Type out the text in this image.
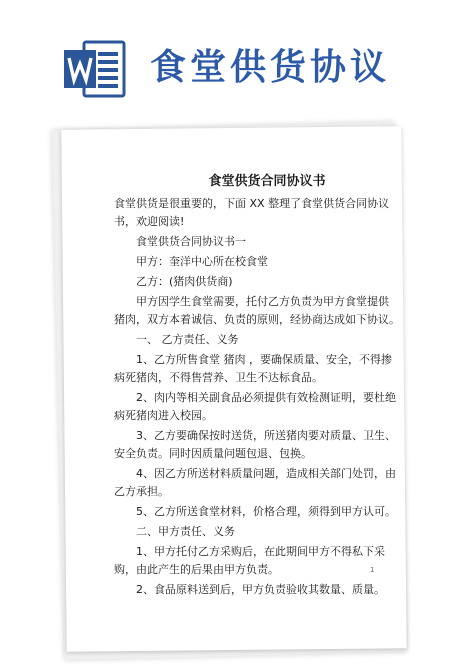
食堂供货协议
食堂供货合同协议书

食堂供货是很重要的，下面 XX 整理了食堂供货合同协议书，欢迎阅读!

食堂供货合同协议书一

甲方：奎洋中心所在校食堂

乙方：(猪肉供货商)

甲方因学生食堂需要，托付乙方负责为甲方食堂提供 猪肉，双方本着诚信、负责的原则，经协商达成如下协议。

一、 乙方责任、义务

1、乙方所售食堂 猪肉 ，要确保质量、安全，不得掺病死猪肉，不得售营养、卫生不达标食品。

2、肉内等相关副食品必须提供有效检测证明，要杜绝病死猪肉进入校园。

3、乙方要确保按时送货，所送猪肉要对质量、卫生、安全负责。同时因质量问题包退、包换。

4、因乙方所送材料质量问题，造成相关部门处罚，由乙方承担。

5、乙方所送食堂材料，价格合理，须得到甲方认可。

二、甲方责任、义务

1、甲方托付乙方采购后，在此期间甲方不得私下采购，由此产生的后果由甲方负责。

2、食品原料送到后，甲方负责验收其数量、质量。

1
